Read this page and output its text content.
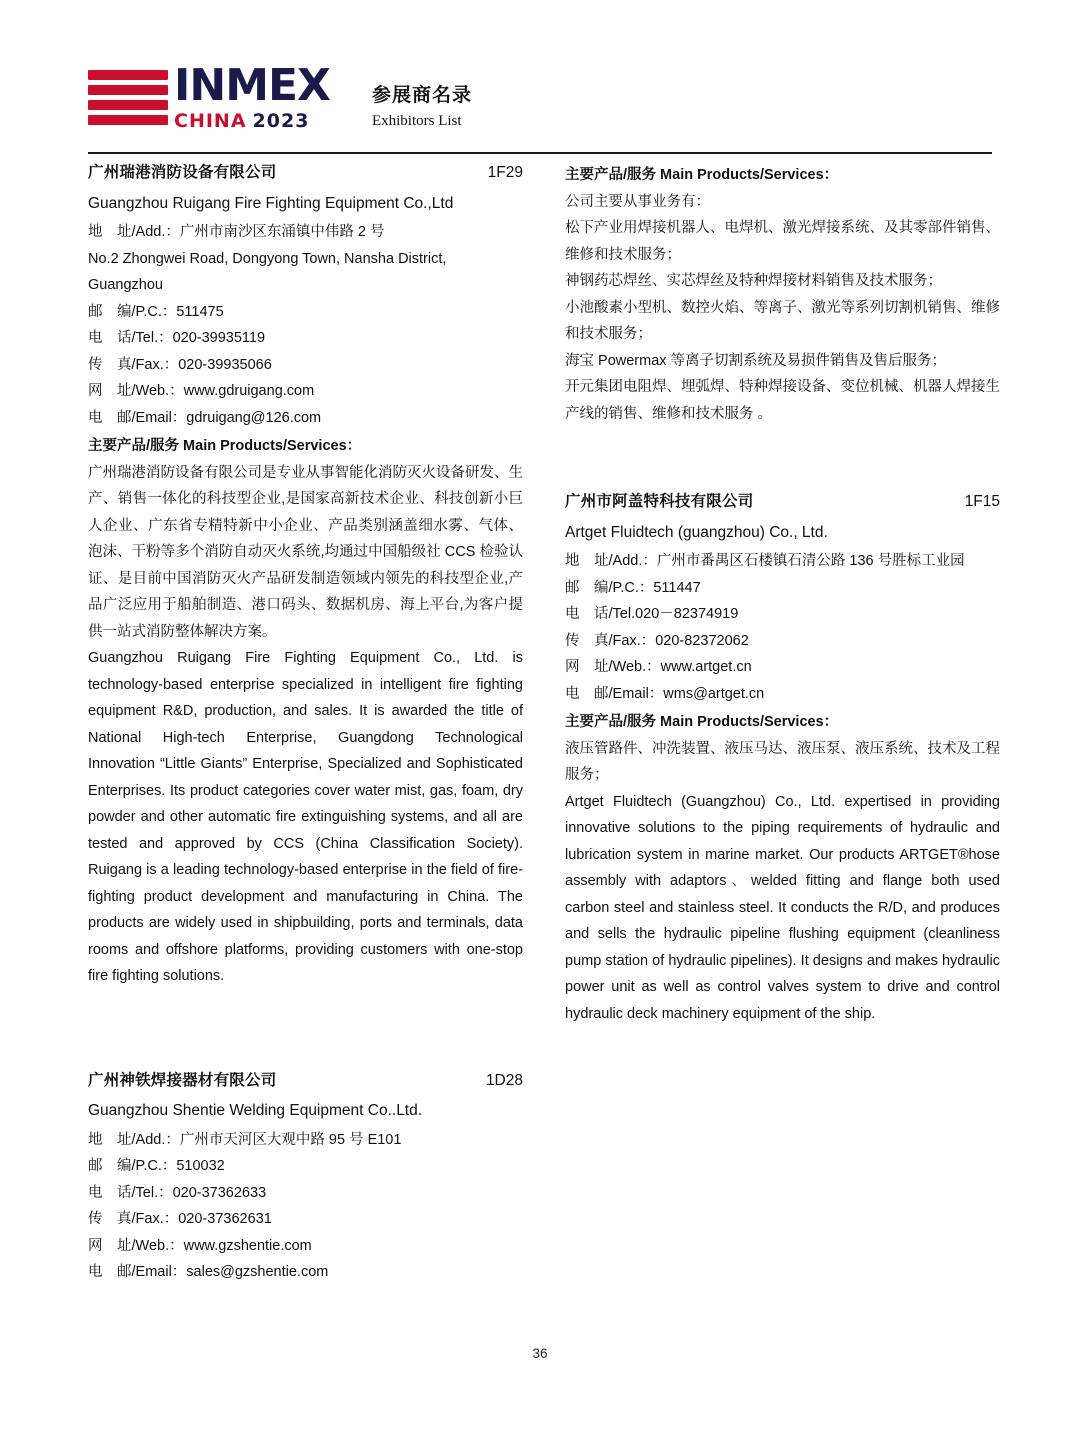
INMEX
CHINA 2023
参展商名录
Exhibitors List
广州瑞港消防设备有限公司	1F29
Guangzhou Ruigang Fire Fighting Equipment Co.,Ltd
地　址/Add.：广州市南沙区东涌镇中伟路 2 号
No.2 Zhongwei Road, Dongyong Town, Nansha District, Guangzhou
邮　编/P.C.：511475
电　话/Tel.：020-39935119
传　真/Fax.：020-39935066
网　址/Web.：www.gdruigang.com
电　邮/Email：gdruigang@126.com
主要产品/服务 Main Products/Services：
广州瑞港消防设备有限公司是专业从事智能化消防灭火设备研发、生产、销售一体化的科技型企业,是国家高新技术企业、科技创新小巨人企业、广东省专精特新中小企业、产品类别涵盖细水雾、气体、 泡沫、干粉等多个消防自动灭火系统,均通过中国船级社 CCS 检验认证、是目前中国消防灭火产品研发制造领域内领先的科技型企业,产品广泛应用于船舶制造、港口码头、数据机房、海上平台,为客户提供一站式消防整体解决方案。
Guangzhou Ruigang Fire Fighting Equipment Co., Ltd. is technology-based enterprise specialized in intelligent fire fighting equipment R&D, production, and sales. It is awarded the title of National High-tech Enterprise, Guangdong Technological Innovation “Little Giants” Enterprise, Specialized and Sophisticated Enterprises. Its product categories cover water mist, gas, foam, dry powder and other automatic fire extinguishing systems, and all are tested and approved by CCS (China Classification Society). Ruigang is a leading technology-based enterprise in the field of fire-fighting product development and manufacturing in China. The products are widely used in shipbuilding, ports and terminals, data rooms and offshore platforms, providing customers with one-stop fire fighting solutions.
广州神铁焊接器材有限公司	1D28
Guangzhou Shentie Welding Equipment Co..Ltd.
地　址/Add.：广州市天河区大观中路 95 号 E101
邮　编/P.C.：510032
电　话/Tel.：020-37362633
传　真/Fax.：020-37362631
网　址/Web.：www.gzshentie.com
电　邮/Email：sales@gzshentie.com
主要产品/服务 Main Products/Services：
公司主要从事业务有：
松下产业用焊接机器人、电焊机、激光焊接系统、及其零部件销售、维修和技术服务；
神钢药芯焊丝、实芯焊丝及特种焊接材料销售及技术服务；
小池酸素小型机、数控火焰、等离子、激光等系列切割机销售、维修和技术服务；
海宝 Powermax 等离子切割系统及易损件销售及售后服务；
开元集团电阻焊、埋弧焊、特种焊接设备、变位机械、机器人焊接生产线的销售、维修和技术服务 。
广州市阿盖特科技有限公司	1F15
Artget Fluidtech (guangzhou) Co., Ltd.
地　址/Add.：广州市番禺区石楼镇石清公路 136 号胜标工业园
邮　编/P.C.：511447
电　话/Tel.020－82374919
传　真/Fax.：020-82372062
网　址/Web.：www.artget.cn
电　邮/Email：wms@artget.cn
主要产品/服务 Main Products/Services：
液压管路件、冲洗装置、液压马达、液压泵、液压系统、技术及工程服务；
Artget Fluidtech (Guangzhou) Co., Ltd. expertised in providing innovative solutions to the piping requirements of hydraulic and lubrication system in marine market. Our products ARTGET®hose assembly with adaptors、welded fitting and flange both used carbon steel and stainless steel. It conducts the R/D, and produces and sells the hydraulic pipeline flushing equipment (cleanliness pump station of hydraulic pipelines). It designs and makes hydraulic power unit as well as control valves system to drive and control hydraulic deck machinery equipment of the ship.
36
